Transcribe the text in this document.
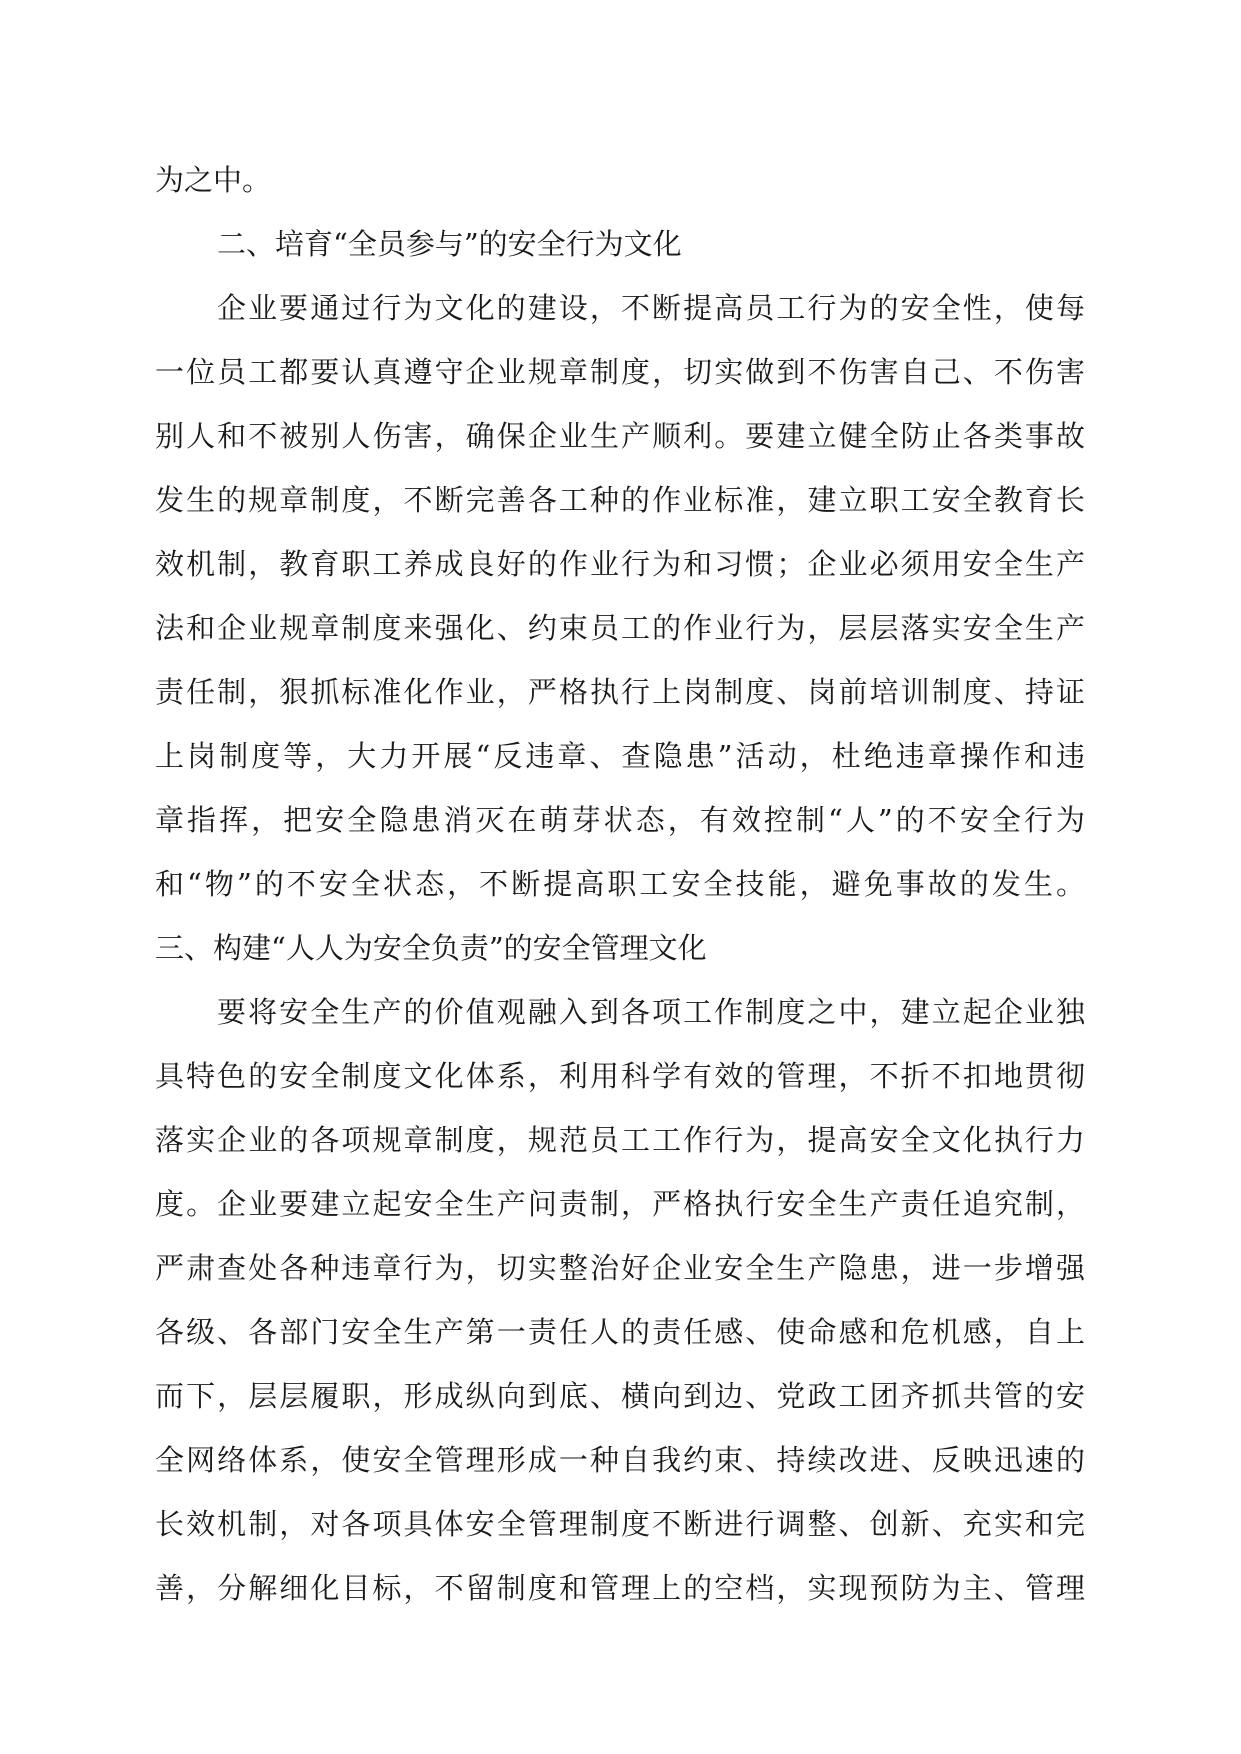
为之中。
二、培育“全员参与”的安全行为文化
企业要通过行为文化的建设，不断提高员工行为的安全性，使每
一位员工都要认真遵守企业规章制度，切实做到不伤害自己、不伤害
别人和不被别人伤害，确保企业生产顺利。要建立健全防止各类事故
发生的规章制度，不断完善各工种的作业标准，建立职工安全教育长
效机制，教育职工养成良好的作业行为和习惯；企业必须用安全生产
法和企业规章制度来强化、约束员工的作业行为，层层落实安全生产
责任制，狠抓标准化作业，严格执行上岗制度、岗前培训制度、持证
上岗制度等，大力开展“反违章、查隐患”活动，杜绝违章操作和违
章指挥，把安全隐患消灭在萌芽状态，有效控制“人”的不安全行为
和“物”的不安全状态，不断提高职工安全技能，避免事故的发生。
三、构建“人人为安全负责”的安全管理文化
要将安全生产的价值观融入到各项工作制度之中，建立起企业独
具特色的安全制度文化体系，利用科学有效的管理，不折不扣地贯彻
落实企业的各项规章制度，规范员工工作行为，提高安全文化执行力
度。企业要建立起安全生产问责制，严格执行安全生产责任追究制，
严肃查处各种违章行为，切实整治好企业安全生产隐患，进一步增强
各级、各部门安全生产第一责任人的责任感、使命感和危机感，自上
而下，层层履职，形成纵向到底、横向到边、党政工团齐抓共管的安
全网络体系，使安全管理形成一种自我约束、持续改进、反映迅速的
长效机制，对各项具体安全管理制度不断进行调整、创新、充实和完
善，分解细化目标，不留制度和管理上的空档，实现预防为主、管理
